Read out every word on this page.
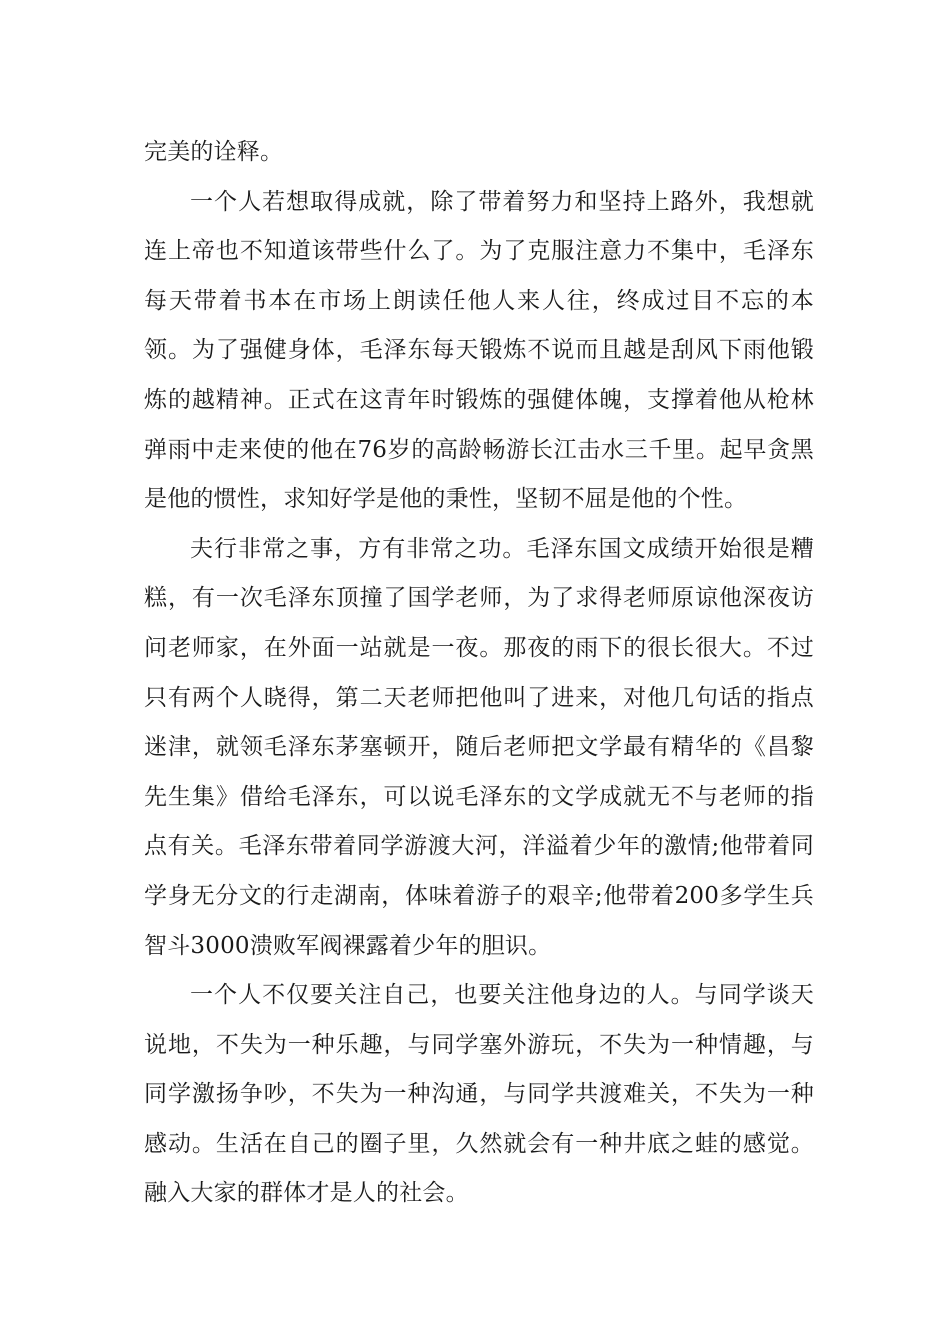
完美的诠释。

一个人若想取得成就，除了带着努力和坚持上路外，我想就连上帝也不知道该带些什么了。为了克服注意力不集中，毛泽东每天带着书本在市场上朗读任他人来人往，终成过目不忘的本领。为了强健身体，毛泽东每天锻炼不说而且越是刮风下雨他锻炼的越精神。正式在这青年时锻炼的强健体魄，支撑着他从枪林弹雨中走来使的他在76岁的高龄畅游长江击水三千里。起早贪黑是他的惯性，求知好学是他的秉性，坚韧不屈是他的个性。

夫行非常之事，方有非常之功。毛泽东国文成绩开始很是糟糕，有一次毛泽东顶撞了国学老师，为了求得老师原谅他深夜访问老师家，在外面一站就是一夜。那夜的雨下的很长很大。不过只有两个人晓得，第二天老师把他叫了进来，对他几句话的指点迷津，就领毛泽东茅塞顿开，随后老师把文学最有精华的《昌黎先生集》借给毛泽东，可以说毛泽东的文学成就无不与老师的指点有关。毛泽东带着同学游渡大河，洋溢着少年的激情;他带着同学身无分文的行走湖南，体味着游子的艰辛;他带着200多学生兵智斗3000溃败军阀裸露着少年的胆识。

一个人不仅要关注自己，也要关注他身边的人。与同学谈天说地，不失为一种乐趣，与同学塞外游玩，不失为一种情趣，与同学激扬争吵，不失为一种沟通，与同学共渡难关，不失为一种感动。生活在自己的圈子里，久然就会有一种井底之蛙的感觉。融入大家的群体才是人的社会。
